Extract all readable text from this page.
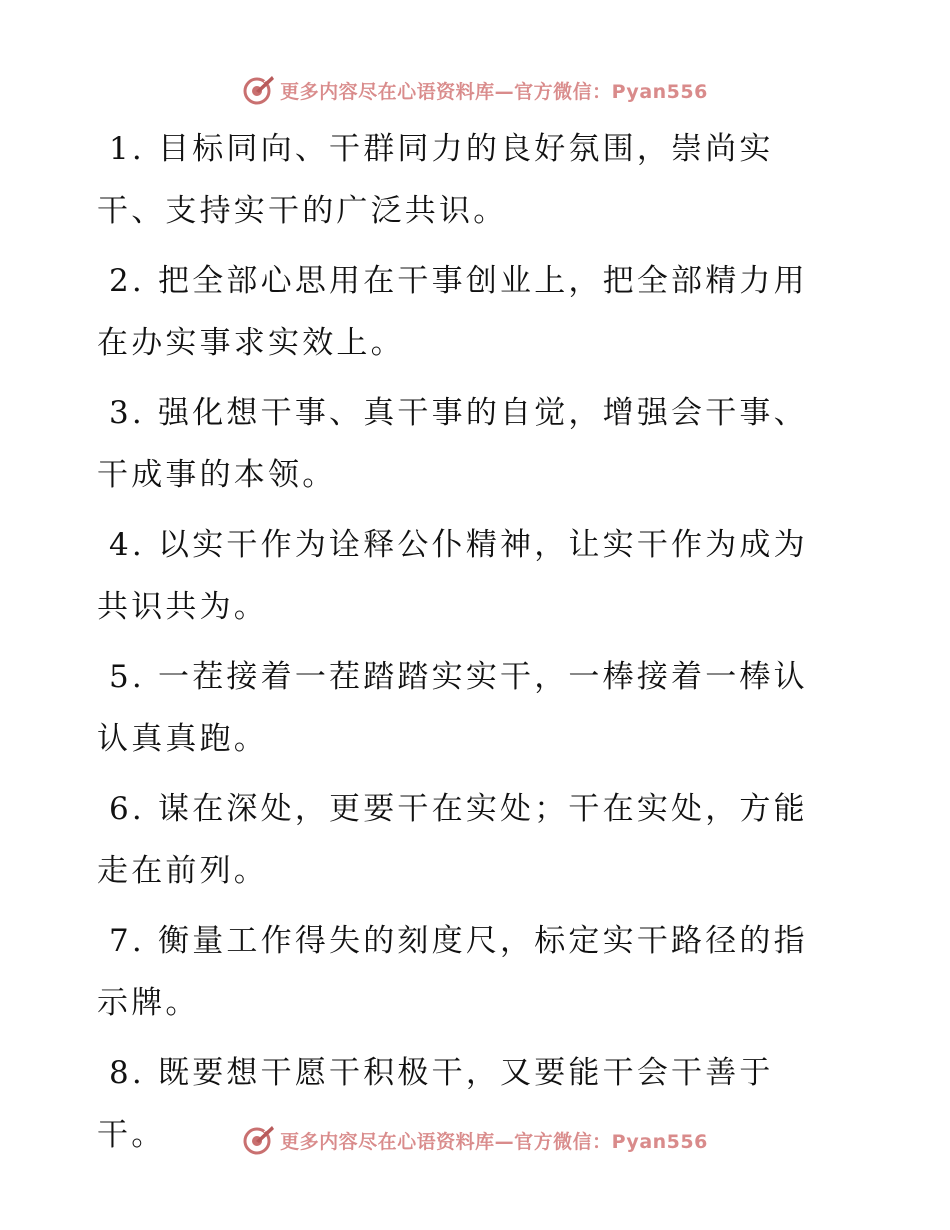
更多内容尽在心语资料库—官方微信：Pyan556

1. 目标同向、干群同力的良好氛围，崇尚实干、支持实干的广泛共识。

2. 把全部心思用在干事创业上，把全部精力用在办实事求实效上。

3. 强化想干事、真干事的自觉，增强会干事、干成事的本领。

4. 以实干作为诠释公仆精神，让实干作为成为共识共为。

5. 一茬接着一茬踏踏实实干，一棒接着一棒认认真真跑。

6. 谋在深处，更要干在实处；干在实处，方能走在前列。

7. 衡量工作得失的刻度尺，标定实干路径的指示牌。

8. 既要想干愿干积极干，又要能干会干善于干。	更多内容尽在心语资料库—官方微信：Pyan556
